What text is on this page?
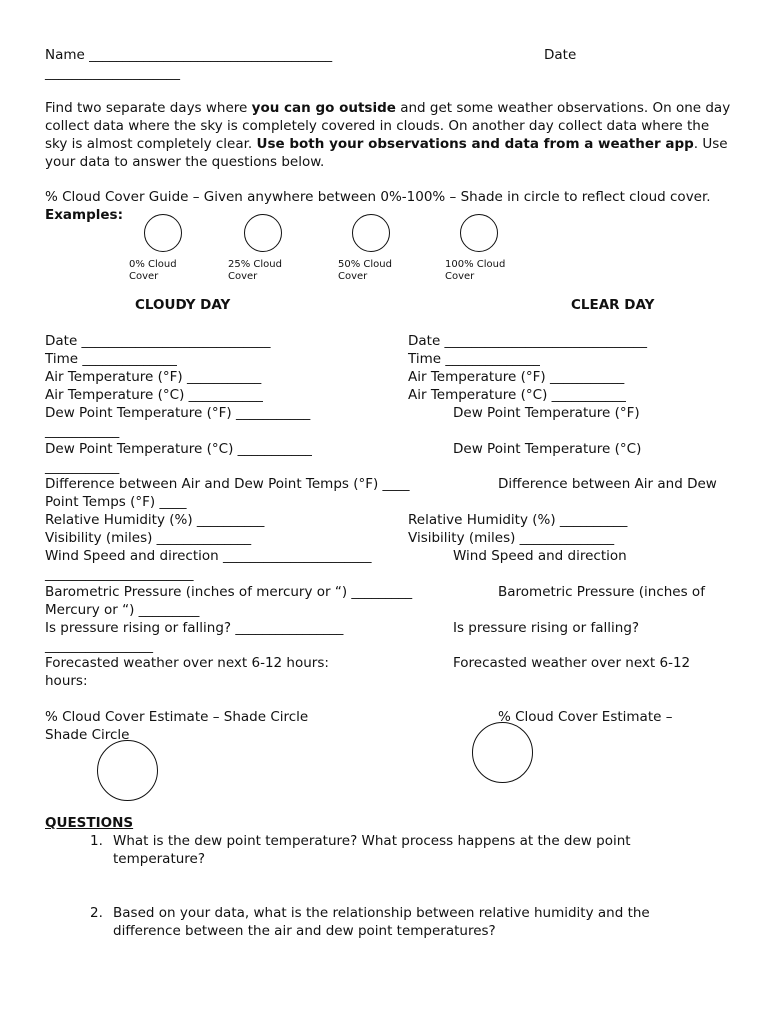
Name ____________________________________	Date
____________________
Find two separate days where you can go outside and get some weather observations. On one day collect data where the sky is completely covered in clouds. On another day collect data where the sky is almost completely clear. Use both your observations and data from a weather app. Use your data to answer the questions below.
% Cloud Cover Guide – Given anywhere between 0%-100% – Shade in circle to reflect cloud cover. Examples:
0% Cloud Cover
25% Cloud Cover
50% Cloud Cover
100% Cloud Cover
CLOUDY DAY	CLEAR DAY
Date ____________________________
Time ______________
Air Temperature (°F) ___________
Air Temperature (°C) ___________
Dew Point Temperature (°F) ___________
___________
Dew Point Temperature (°C) ___________
___________
Difference between Air and Dew Point Temps (°F) ____
Point Temps (°F) ____
Relative Humidity (%) __________
Visibility (miles) ______________
Wind Speed and direction ______________________
______________________
Barometric Pressure (inches of mercury or “) _________
Mercury or “) _________
Is pressure rising or falling? ________________
________________
Forecasted weather over next 6-12 hours:
hours:
% Cloud Cover Estimate – Shade Circle
Shade Circle
Date ______________________________
Time ______________
Air Temperature (°F) ___________
Air Temperature (°C) ___________
Dew Point Temperature (°F)
Dew Point Temperature (°C)
Difference between Air and Dew
Relative Humidity (%) __________
Visibility (miles) ______________
Wind Speed and direction
Barometric Pressure (inches of
Is pressure rising or falling?
Forecasted weather over next 6-12
% Cloud Cover Estimate –
QUESTIONS
1. What is the dew point temperature? What process happens at the dew point temperature?
2. Based on your data, what is the relationship between relative humidity and the difference between the air and dew point temperatures?
